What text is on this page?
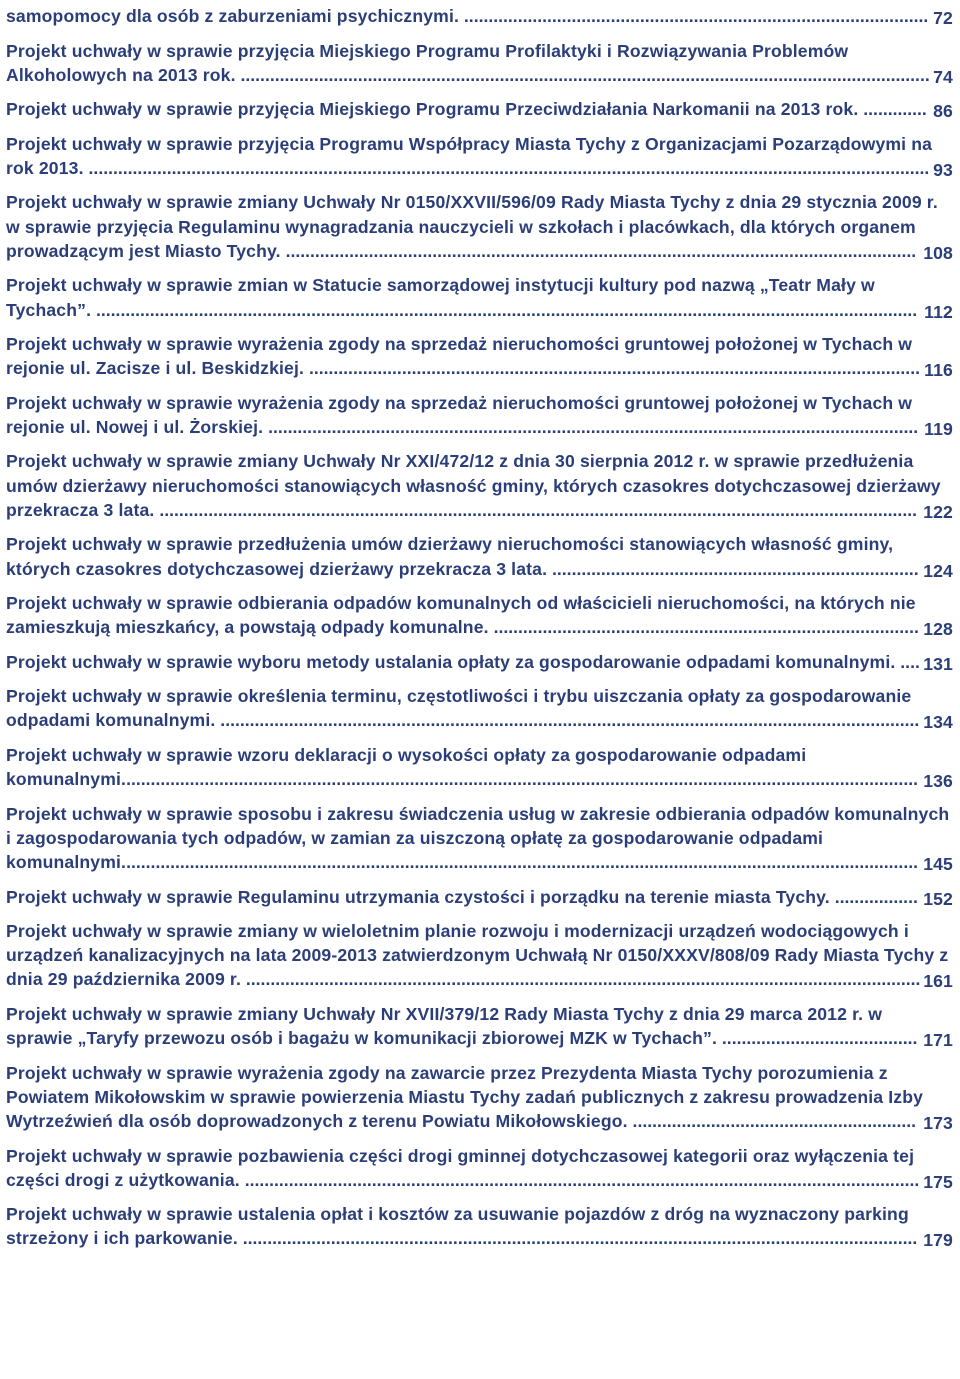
samopomocy dla osób z zaburzeniami psychicznymi. ............................................................................................... 72
Projekt uchwały w sprawie przyjęcia Miejskiego Programu Profilaktyki i Rozwiązywania Problemów Alkoholowych na 2013 rok. ............................................................................................................................................. 74
Projekt uchwały w sprawie przyjęcia Miejskiego Programu Przeciwdziałania Narkomanii na 2013 rok. ............. 86
Projekt uchwały w sprawie przyjęcia Programu Współpracy Miasta Tychy z Organizacjami Pozarządowymi na rok 2013. ............................................................................................................................................................................ 93
Projekt uchwały w sprawie zmiany Uchwały Nr 0150/XXVII/596/09 Rady Miasta Tychy z dnia 29 stycznia 2009 r. w sprawie przyjęcia Regulaminu wynagradzania nauczycieli w szkołach i placówkach, dla których organem prowadzącym jest Miasto Tychy. ................................................................................................................................. 108
Projekt uchwały w sprawie zmian w Statucie samorządowej instytucji kultury pod nazwą „Teatr Mały w Tychach”. ........................................................................................................................................................................ 112
Projekt uchwały w sprawie wyrażenia zgody na sprzedaż nieruchomości gruntowej położonej w Tychach w rejonie ul. Zacisze i ul. Beskidzkiej. ............................................................................................................................. 116
Projekt uchwały w sprawie wyrażenia zgody na sprzedaż nieruchomości gruntowej położonej w Tychach w rejonie ul. Nowej i ul. Żorskiej. ..................................................................................................................................... 119
Projekt uchwały w sprawie zmiany Uchwały Nr XXI/472/12 z dnia 30 sierpnia 2012 r. w sprawie przedłużenia umów dzierżawy nieruchomości stanowiących własność gminy, których czasokres dotychczasowej dzierżawy przekracza 3 lata. ........................................................................................................................................................... 122
Projekt uchwały w sprawie przedłużenia umów dzierżawy nieruchomości stanowiących własność gminy, których czasokres dotychczasowej dzierżawy przekracza 3 lata. ........................................................................... 124
Projekt uchwały w sprawie odbierania odpadów komunalnych od właścicieli nieruchomości, na których nie zamieszkują mieszkańcy, a powstają odpady komunalne. ....................................................................................... 128
Projekt uchwały w sprawie wyboru metody ustalania opłaty za gospodarowanie odpadami komunalnymi. .... 131
Projekt uchwały w sprawie określenia terminu, częstotliwości i trybu uiszczania opłaty za gospodarowanie odpadami komunalnymi. ............................................................................................................................................... 134
Projekt uchwały w sprawie wzoru deklaracji o wysokości opłaty za gospodarowanie odpadami komunalnymi................................................................................................................................................................... 136
Projekt uchwały w sprawie sposobu i zakresu świadczenia usług w zakresie odbierania odpadów komunalnych i zagospodarowania tych odpadów, w zamian za uiszczoną opłatę za gospodarowanie odpadami komunalnymi................................................................................................................................................................... 145
Projekt uchwały w sprawie Regulaminu utrzymania czystości i porządku na terenie miasta Tychy. ................. 152
Projekt uchwały w sprawie zmiany w wieloletnim planie rozwoju i modernizacji urządzeń wodociągowych i urządzeń kanalizacyjnych na lata 2009-2013 zatwierdzonym Uchwałą Nr 0150/XXXV/808/09 Rady Miasta Tychy z dnia 29 października 2009 r. .......................................................................................................................................... 161
Projekt uchwały w sprawie zmiany Uchwały Nr XVII/379/12 Rady Miasta Tychy z dnia 29 marca 2012 r. w sprawie „Taryfy przewozu osób i bagażu w komunikacji zbiorowej MZK w Tychach”. ........................................ 171
Projekt uchwały w sprawie wyrażenia zgody na zawarcie przez Prezydenta Miasta Tychy porozumienia z Powiatem Mikołowskim w sprawie powierzenia Miastu Tychy zadań publicznych z zakresu prowadzenia Izby Wytrzeźwień dla osób doprowadzonych z terenu Powiatu Mikołowskiego. .......................................................... 173
Projekt uchwały w sprawie pozbawienia części drogi gminnej dotychczasowej kategorii oraz wyłączenia tej części drogi z użytkowania. .......................................................................................................................................... 175
Projekt uchwały w sprawie ustalenia opłat i kosztów za usuwanie pojazdów z dróg na wyznaczony parking strzeżony i ich parkowanie. .......................................................................................................................................... 179
